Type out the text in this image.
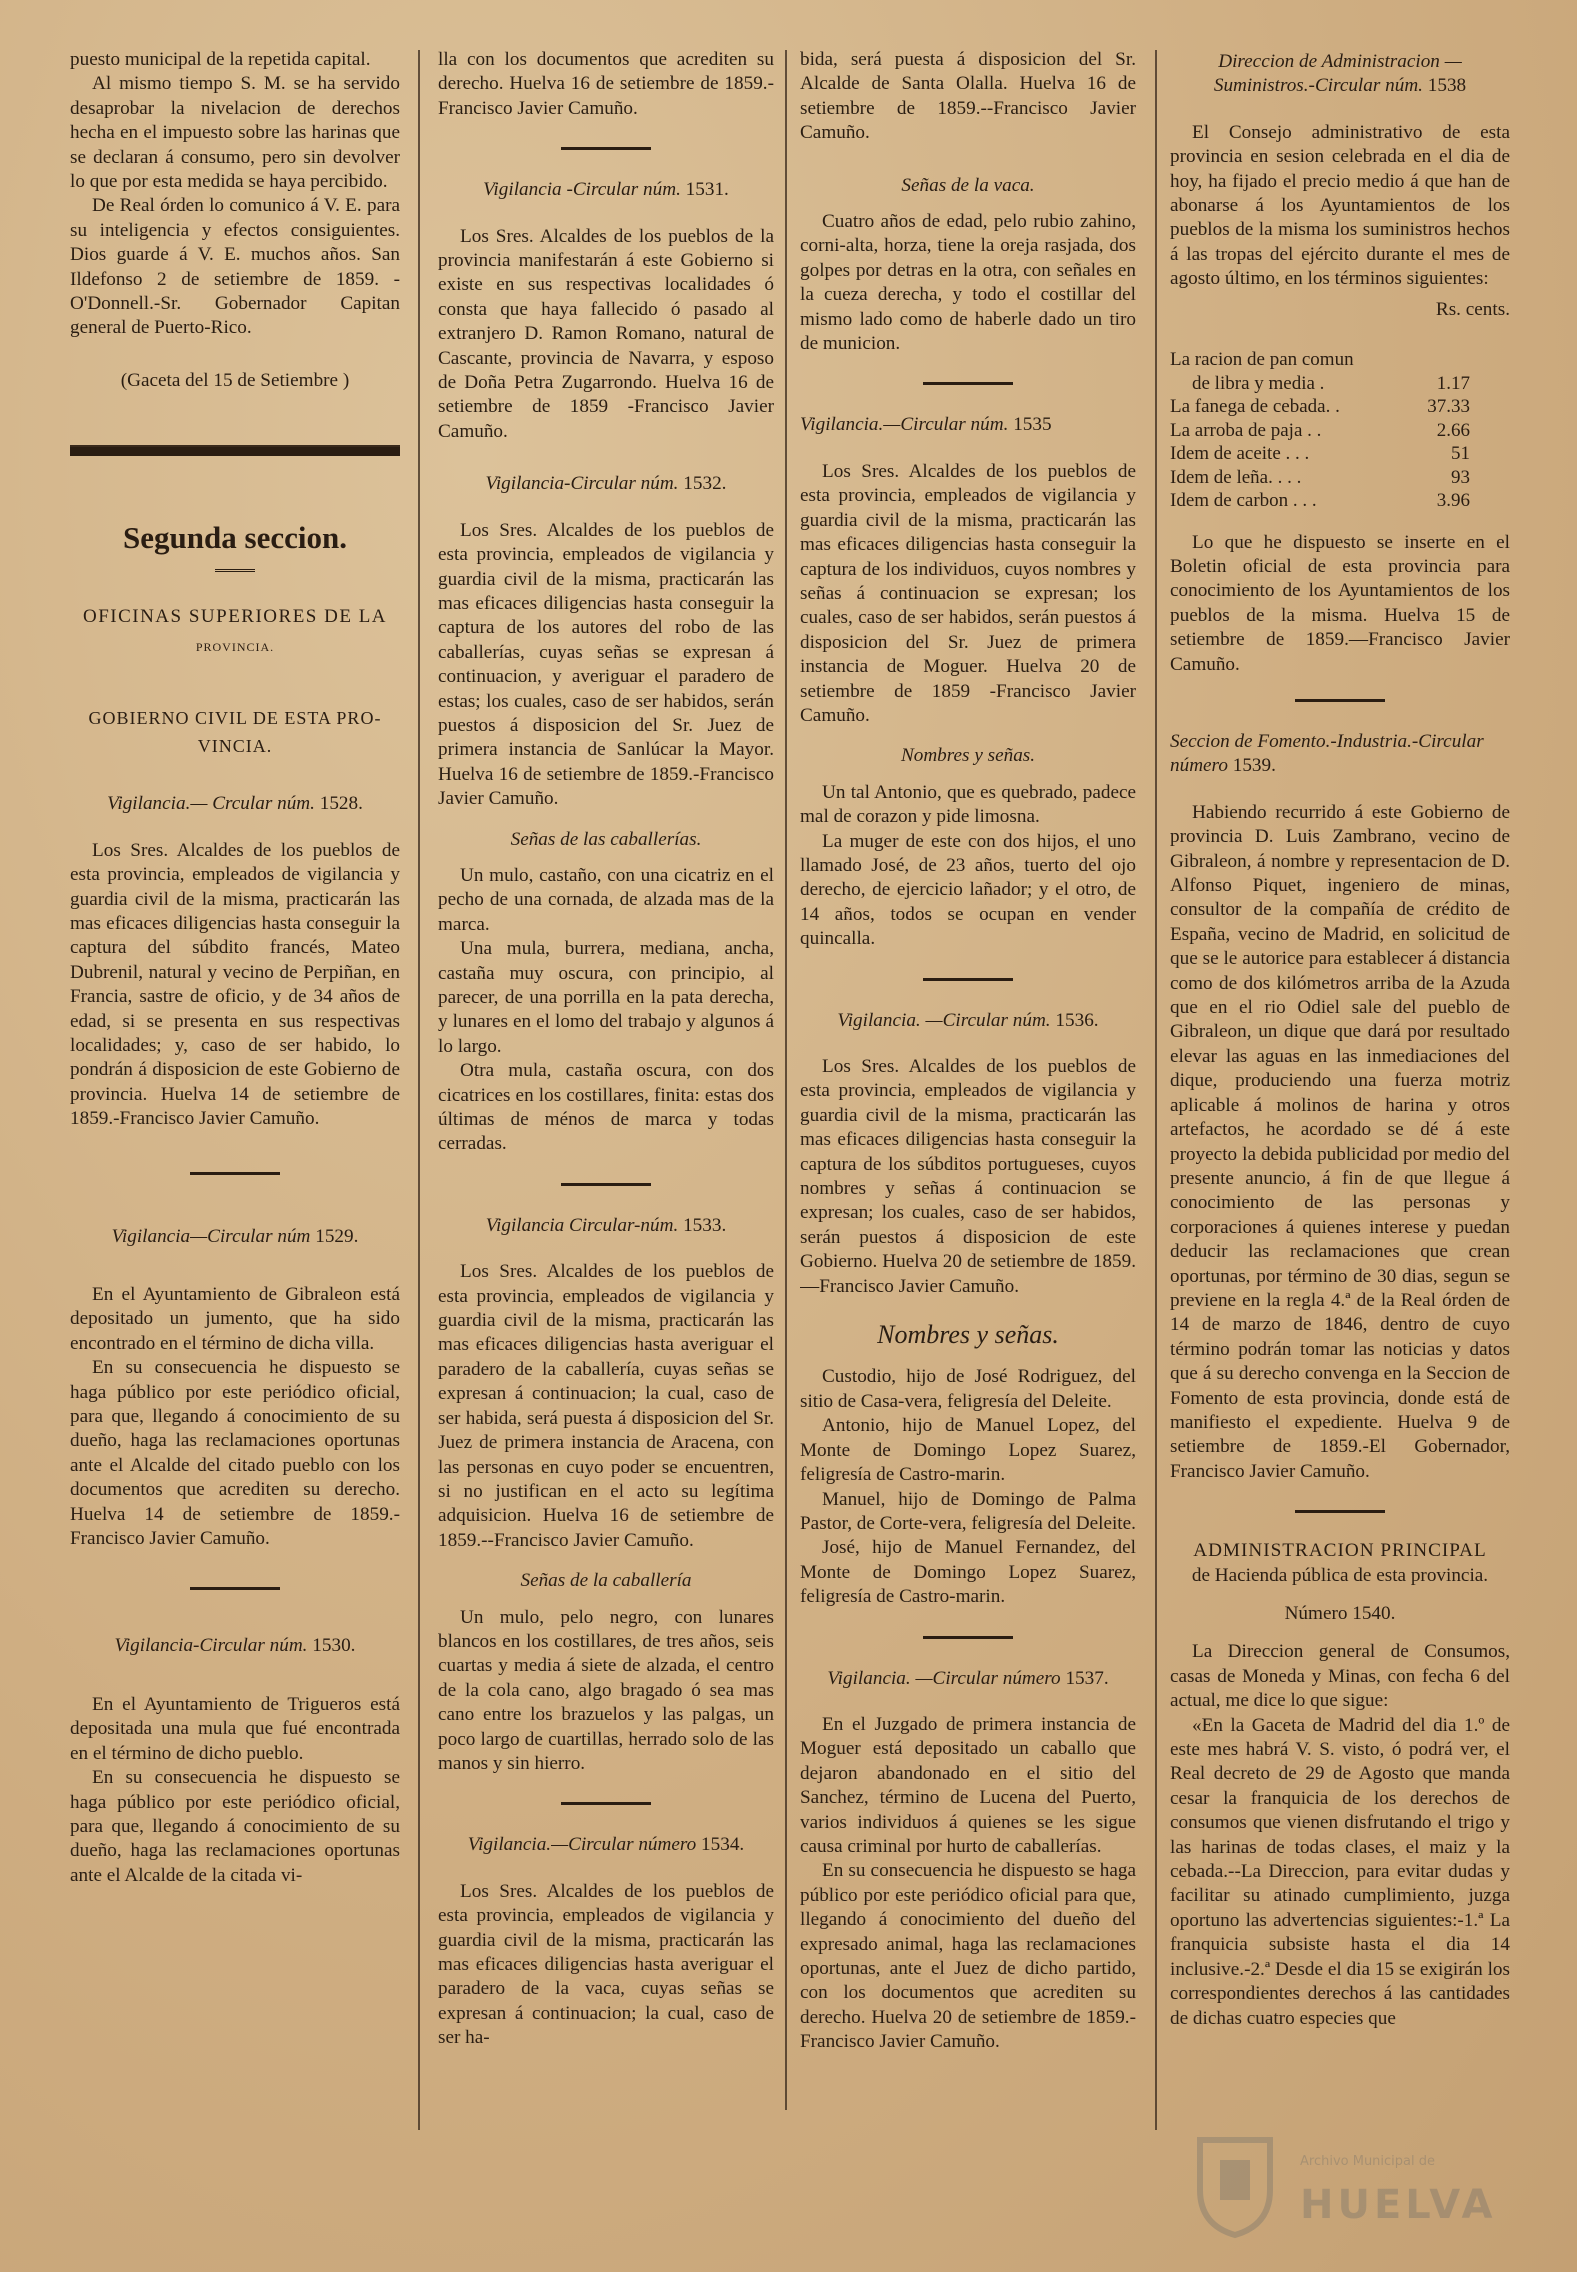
puesto municipal de la repetida capital.

Al mismo tiempo S. M. se ha servido desaprobar la nivelacion de derechos hecha en el impuesto sobre las harinas que se declaran á consumo, pero sin devolver lo que por esta medida se haya percibido.

De Real órden lo comunico á V. E. para su inteligencia y efectos consiguientes. Dios guarde á V. E. muchos años. San Ildefonso 2 de setiembre de 1859. -O'Donnell.-Sr. Gobernador Capitan general de Puerto-Rico.

(Gaceta del 15 de Setiembre )
Segunda seccion.
OFICINAS SUPERIORES DE LA
PROVINCIA.
GOBIERNO CIVIL DE ESTA PRO-
VINCIA.
Vigilancia.— Crcular núm. 1528.

Los Sres. Alcaldes de los pueblos de esta provincia, empleados de vigilancia y guardia civil de la misma, practicarán las mas eficaces diligencias hasta conseguir la captura del súbdito francés, Mateo Dubrenil, natural y vecino de Perpiñan, en Francia, sastre de oficio, y de 34 años de edad, si se presenta en sus respectivas localidades; y, caso de ser habido, lo pondrán á disposicion de este Gobierno de provincia. Huelva 14 de setiembre de 1859.-Francisco Javier Camuño.

Vigilancia—Circular núm 1529.

En el Ayuntamiento de Gibraleon está depositado un jumento, que ha sido encontrado en el término de dicha villa.

En su consecuencia he dispuesto se haga público por este periódico oficial, para que, llegando á conocimiento de su dueño, haga las reclamaciones oportunas ante el Alcalde del citado pueblo con los documentos que acrediten su derecho. Huelva 14 de setiembre de 1859.-Francisco Javier Camuño.

Vigilancia-Circular núm. 1530.

En el Ayuntamiento de Trigueros está depositada una mula que fué encontrada en el término de dicho pueblo.

En su consecuencia he dispuesto se haga público por este periódico oficial, para que, llegando á conocimiento de su dueño, haga las reclamaciones oportunas ante el Alcalde de la citada vi-

lla con los documentos que acrediten su derecho. Huelva 16 de setiembre de 1859.-Francisco Javier Camuño.

Vigilancia -Circular núm. 1531.

Los Sres. Alcaldes de los pueblos de la provincia manifestarán á este Gobierno si existe en sus respectivas localidades ó consta que haya fallecido ó pasado al extranjero D. Ramon Romano, natural de Cascante, provincia de Navarra, y esposo de Doña Petra Zugarrondo. Huelva 16 de setiembre de 1859 -Francisco Javier Camuño.

Vigilancia-Circular núm. 1532.

Los Sres. Alcaldes de los pueblos de esta provincia, empleados de vigilancia y guardia civil de la misma, practicarán las mas eficaces diligencias hasta conseguir la captura de los autores del robo de las caballerías, cuyas señas se expresan á continuacion, y averiguar el paradero de estas; los cuales, caso de ser habidos, serán puestos á disposicion del Sr. Juez de primera instancia de Sanlúcar la Mayor. Huelva 16 de setiembre de 1859.-Francisco Javier Camuño.

Señas de las caballerías.

Un mulo, castaño, con una cicatriz en el pecho de una cornada, de alzada mas de la marca.

Una mula, burrera, mediana, ancha, castaña muy oscura, con principio, al parecer, de una porrilla en la pata derecha, y lunares en el lomo del trabajo y algunos á lo largo.

Otra mula, castaña oscura, con dos cicatrices en los costillares, finita: estas dos últimas de ménos de marca y todas cerradas.

Vigilancia Circular-núm. 1533.

Los Sres. Alcaldes de los pueblos de esta provincia, empleados de vigilancia y guardia civil de la misma, practicarán las mas eficaces diligencias hasta averiguar el paradero de la caballería, cuyas señas se expresan á continuacion; la cual, caso de ser habida, será puesta á disposicion del Sr. Juez de primera instancia de Aracena, con las personas en cuyo poder se encuentren, si no justifican en el acto su legítima adquisicion. Huelva 16 de setiembre de 1859.--Francisco Javier Camuño.

Señas de la caballería

Un mulo, pelo negro, con lunares blancos en los costillares, de tres años, seis cuartas y media á siete de alzada, el centro de la cola cano, algo bragado ó sea mas cano entre los brazuelos y las palgas, un poco largo de cuartillas, herrado solo de las manos y sin hierro.

Vigilancia.—Circular número 1534.

Los Sres. Alcaldes de los pueblos de esta provincia, empleados de vigilancia y guardia civil de la misma, practicarán las mas eficaces diligencias hasta averiguar el paradero de la vaca, cuyas señas se expresan á continuacion; la cual, caso de ser ha-

bida, será puesta á disposicion del Sr. Alcalde de Santa Olalla. Huelva 16 de setiembre de 1859.--Francisco Javier Camuño.

Señas de la vaca.

Cuatro años de edad, pelo rubio zahino, corni-alta, horza, tiene la oreja rasjada, dos golpes por detras en la otra, con señales en la cueza derecha, y todo el costillar del mismo lado como de haberle dado un tiro de municion.

Vigilancia.—Circular núm. 1535

Los Sres. Alcaldes de los pueblos de esta provincia, empleados de vigilancia y guardia civil de la misma, practicarán las mas eficaces diligencias hasta conseguir la captura de los individuos, cuyos nombres y señas á continuacion se expresan; los cuales, caso de ser habidos, serán puestos á disposicion del Sr. Juez de primera instancia de Moguer. Huelva 20 de setiembre de 1859 -Francisco Javier Camuño.

Nombres y señas.

Un tal Antonio, que es quebrado, padece mal de corazon y pide limosna.

La muger de este con dos hijos, el uno llamado José, de 23 años, tuerto del ojo derecho, de ejercicio lañador; y el otro, de 14 años, todos se ocupan en vender quincalla.

Vigilancia. —Circular núm. 1536.

Los Sres. Alcaldes de los pueblos de esta provincia, empleados de vigilancia y guardia civil de la misma, practicarán las mas eficaces diligencias hasta conseguir la captura de los súbditos portugueses, cuyos nombres y señas á continuacion se expresan; los cuales, caso de ser habidos, serán puestos á disposicion de este Gobierno. Huelva 20 de setiembre de 1859.—Francisco Javier Camuño.

Nombres y señas.

Custodio, hijo de José Rodriguez, del sitio de Casa-vera, feligresía del Deleite.

Antonio, hijo de Manuel Lopez, del Monte de Domingo Lopez Suarez, feligresía de Castro-marin.

Manuel, hijo de Domingo de Palma Pastor, de Corte-vera, feligresía del Deleite.

José, hijo de Manuel Fernandez, del Monte de Domingo Lopez Suarez, feligresía de Castro-marin.

Vigilancia. —Circular número 1537.

En el Juzgado de primera instancia de Moguer está depositado un caballo que dejaron abandonado en el sitio del Sanchez, término de Lucena del Puerto, varios individuos á quienes se les sigue causa criminal por hurto de caballerías.

En su consecuencia he dispuesto se haga público por este periódico oficial para que, llegando á conocimiento del dueño del expresado animal, haga las reclamaciones oportunas, ante el Juez de dicho partido, con los documentos que acrediten su derecho. Huelva 20 de setiembre de 1859.-Francisco Javier Camuño.

Direccion de Administracion —Suministros.-Circular núm. 1538

El Consejo administrativo de esta provincia en sesion celebrada en el dia de hoy, ha fijado el precio medio á que han de abonarse á los Ayuntamientos de los pueblos de la misma los suministros hechos á las tropas del ejército durante el mes de agosto último, en los términos siguientes:

Rs. cents.
La racion de pan comun	
de libra y media .	1.17
La fanega de cebada. .	37.33
La arroba de paja . .	2.66
Idem de aceite . . .	51
Idem de leña. . . .	93
Idem de carbon . . .	3.96

Lo que he dispuesto se inserte en el Boletin oficial de esta provincia para conocimiento de los Ayuntamientos de los pueblos de la misma. Huelva 15 de setiembre de 1859.—Francisco Javier Camuño.

Seccion de Fomento.-Industria.-Circular número 1539.

Habiendo recurrido á este Gobierno de provincia D. Luis Zambrano, vecino de Gibraleon, á nombre y representacion de D. Alfonso Piquet, ingeniero de minas, consultor de la compañía de crédito de España, vecino de Madrid, en solicitud de que se le autorice para establecer á distancia como de dos kilómetros arriba de la Azuda que en el rio Odiel sale del pueblo de Gibraleon, un dique que dará por resultado elevar las aguas en las inmediaciones del dique, produciendo una fuerza motriz aplicable á molinos de harina y otros artefactos, he acordado se dé á este proyecto la debida publicidad por medio del presente anuncio, á fin de que llegue á conocimiento de las personas y corporaciones á quienes interese y puedan deducir las reclamaciones que crean oportunas, por término de 30 dias, segun se previene en la regla 4.ª de la Real órden de 14 de marzo de 1846, dentro de cuyo término podrán tomar las noticias y datos que á su derecho convenga en la Seccion de Fomento de esta provincia, donde está de manifiesto el expediente. Huelva 9 de setiembre de 1859.-El Gobernador, Francisco Javier Camuño.

ADMINISTRACION PRINCIPAL
de Hacienda pública de esta provincia.
Número 1540.

La Direccion general de Consumos, casas de Moneda y Minas, con fecha 6 del actual, me dice lo que sigue:

«En la Gaceta de Madrid del dia 1.º de este mes habrá V. S. visto, ó podrá ver, el Real decreto de 29 de Agosto que manda cesar la franquicia de los derechos de consumos que vienen disfrutando el trigo y las harinas de todas clases, el maiz y la cebada.--La Direccion, para evitar dudas y facilitar su atinado cumplimiento, juzga oportuno las advertencias siguientes:-1.ª La franquicia subsiste hasta el dia 14 inclusive.-2.ª Desde el dia 15 se exigirán los correspondientes derechos á las cantidades de dichas cuatro especies que

Archivo Municipal de
HUELVA
